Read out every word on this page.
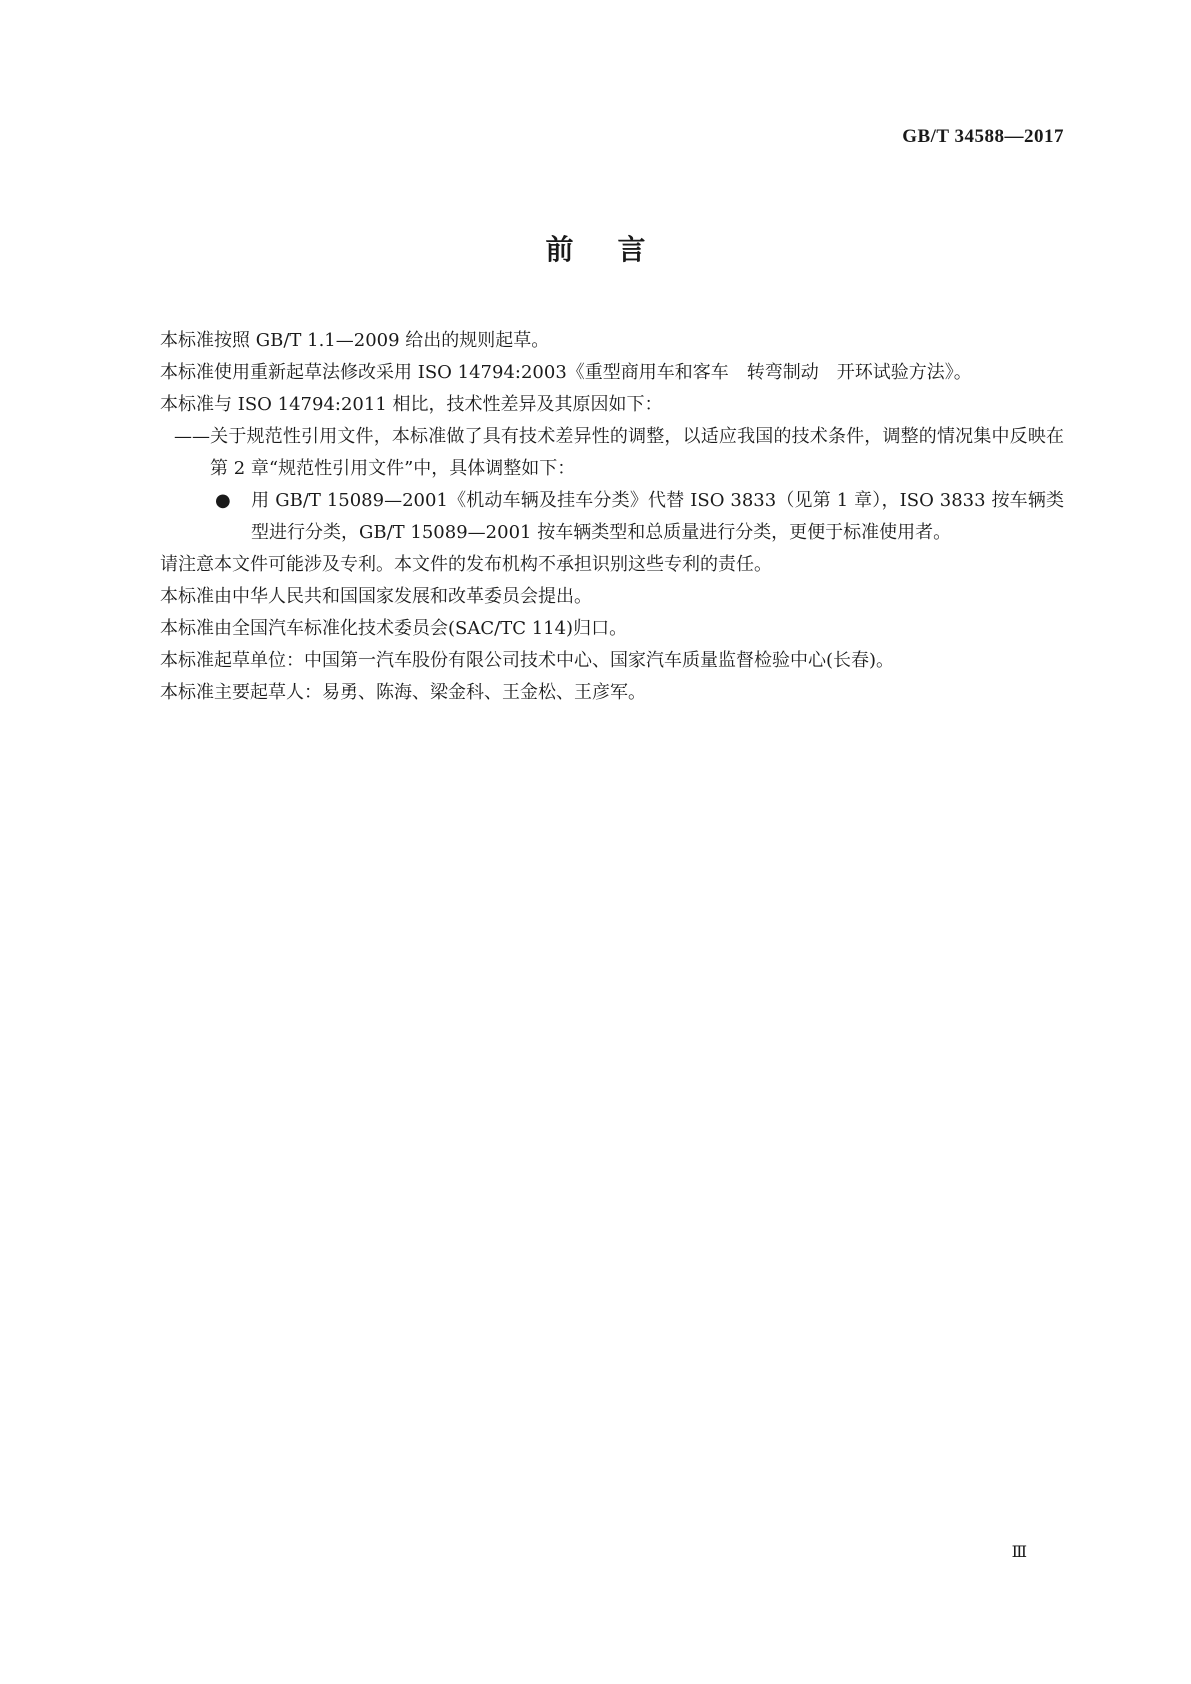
GB/T 34588—2017
前言

本标准按照 GB/T 1.1—2009 给出的规则起草。

本标准使用重新起草法修改采用 ISO 14794:2003《重型商用车和客车　转弯制动　开环试验方法》。

本标准与 ISO 14794:2011 相比，技术性差异及其原因如下：

——关于规范性引用文件，本标准做了具有技术差异性的调整，以适应我国的技术条件，调整的情况集中反映在第 2 章“规范性引用文件”中，具体调整如下：

● 用 GB/T 15089—2001《机动车辆及挂车分类》代替 ISO 3833（见第 1 章），ISO 3833 按车辆类型进行分类，GB/T 15089—2001 按车辆类型和总质量进行分类，更便于标准使用者。

请注意本文件可能涉及专利。本文件的发布机构不承担识别这些专利的责任。

本标准由中华人民共和国国家发展和改革委员会提出。

本标准由全国汽车标准化技术委员会(SAC/TC 114)归口。

本标准起草单位：中国第一汽车股份有限公司技术中心、国家汽车质量监督检验中心(长春)。

本标准主要起草人：易勇、陈海、梁金科、王金松、王彦军。

Ⅲ
